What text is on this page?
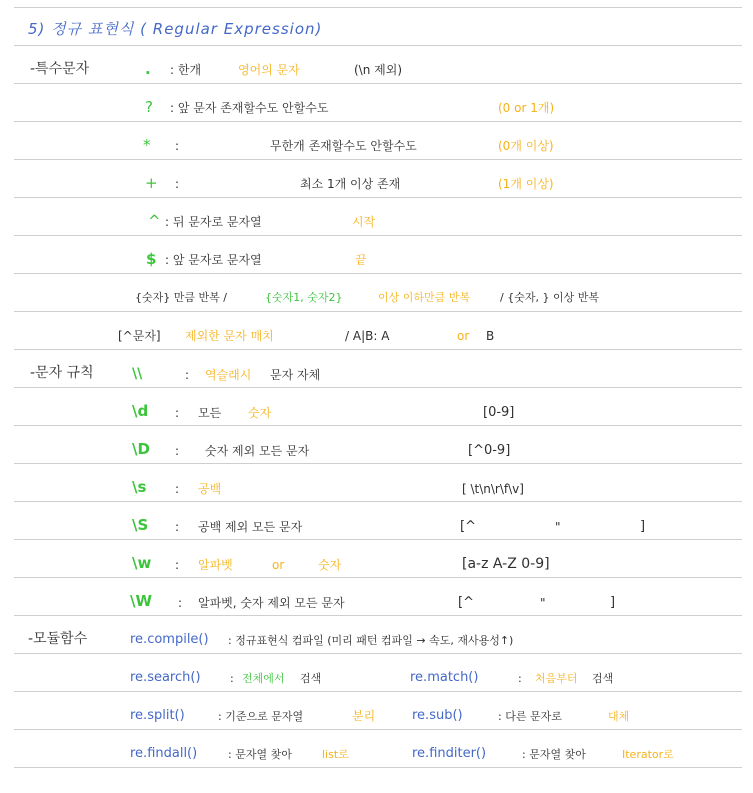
5) 정규 표현식 ( Regular Expression)
-특수문자	. : 한개	영어의 문자	(\n 제외)
? : 앞 문자 존재할수도 안할수도	(0 or 1개)
* :	무한개 존재할수도 안할수도	(0개 이상)
+ :	최소 1개 이상 존재	(1개 이상)
^ : 뒤 문자로 문자열	시작
$ : 앞 문자로 문자열	끝
{숫자} 만큼 반복 /	{숫자1, 숫자2}	이상 이하만큼 반복	/ {숫자, } 이상 반복
[^문자] 제외한 문자 매치	/ A|B: A	or B
-문자 규칙	\\	: 역슬래시 문자 자체
\d : 모든 숫자	[0-9]
\D : 숫자 제외 모든 문자	[^0-9]
\s : 공백	[ \t\n\r\f\v]
\S : 공백 제외 모든 문자	[^	"	]
\w : 알파벳	or	숫자	[a-z A-Z 0-9]
\W : 알파벳, 숫자 제외 모든 문자	[^	"	]
-모듈함수	re.compile() : 정규표현식 컴파일 (미리 패턴 컴파일 → 속도, 재사용성↑)
re.search()	: 전체에서 검색	re.match()	: 처음부터 검색
re.split()	: 기준으로 문자열	분리	re.sub()	: 다른 문자로	대체
re.findall()	: 문자열 찾아	list로	re.finditer()	: 문자열 찾아	Iterator로
